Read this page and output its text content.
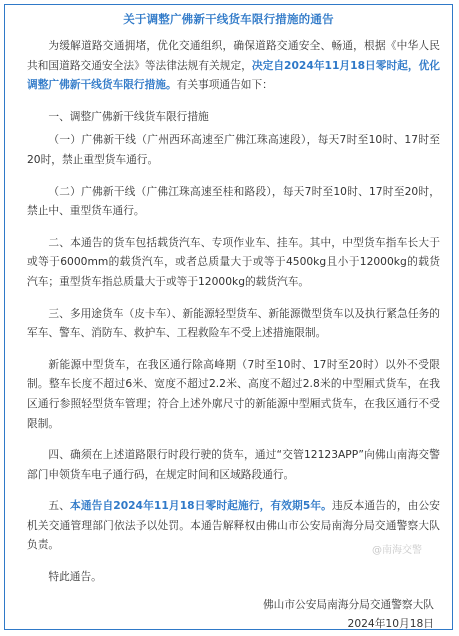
关于调整广佛新干线货车限行措施的通告

为缓解道路交通拥堵，优化交通组织，确保道路交通安全、畅通，根据《中华人民共和国道路交通安全法》等法律法规有关规定，决定自2024年11月18日零时起，优化调整广佛新干线货车限行措施。有关事项通告如下：

一、调整广佛新干线货车限行措施

（一）广佛新干线（广州西环高速至广佛江珠高速段），每天7时至10时、17时至20时，禁止重型货车通行。

（二）广佛新干线（广佛江珠高速至桂和路段），每天7时至10时、17时至20时，禁止中、重型货车通行。

二、本通告的货车包括载货汽车、专项作业车、挂车。其中，中型货车指车长大于或等于6000mm的载货汽车，或者总质量大于或等于4500kg且小于12000kg的载货汽车；重型货车指总质量大于或等于12000kg的载货汽车。

三、多用途货车（皮卡车）、新能源轻型货车、新能源微型货车以及执行紧急任务的军车、警车、消防车、救护车、工程救险车不受上述措施限制。

新能源中型货车，在我区通行除高峰期（7时至10时、17时至20时）以外不受限制。整车长度不超过6米、宽度不超过2.2米、高度不超过2.8米的中型厢式货车，在我区通行参照轻型货车管理；符合上述外廓尺寸的新能源中型厢式货车，在我区通行不受限制。

四、确须在上述道路限行时段行驶的货车，通过“交管12123APP”向佛山南海交警部门申领货车电子通行码，在规定时间和区域路段通行。

五、本通告自2024年11月18日零时起施行，有效期5年。违反本通告的，由公安机关交通管理部门依法予以处罚。本通告解释权由佛山市公安局南海分局交通警察大队负责。

特此通告。

@南海交警
佛山市公安局南海分局交通警察大队
2024年10月18日
